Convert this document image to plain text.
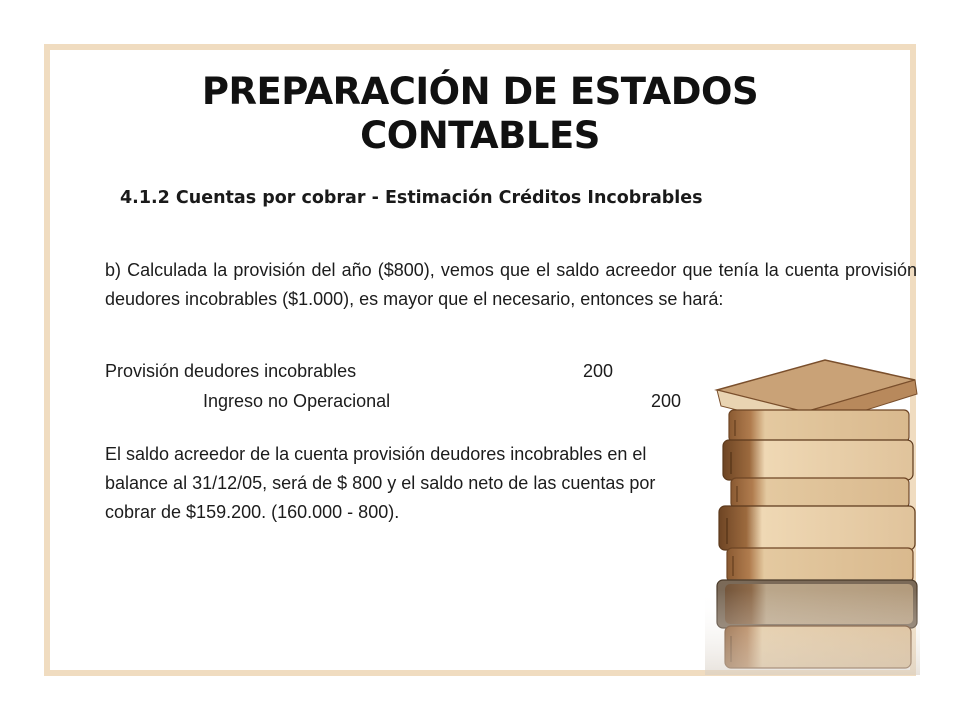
PREPARACIÓN DE ESTADOS CONTABLES
4.1.2 Cuentas por cobrar - Estimación Créditos Incobrables
b) Calculada la provisión del año ($800), vemos que el saldo acreedor que tenía la cuenta provisión deudores incobrables ($1.000), es mayor que el necesario, entonces se hará:
Provisión deudores incobrables	200
Ingreso no Operacional	200
El saldo acreedor de la cuenta provisión deudores incobrables en el balance al 31/12/05, será de $ 800 y el saldo neto de las cuentas por cobrar de $159.200. (160.000 - 800).
